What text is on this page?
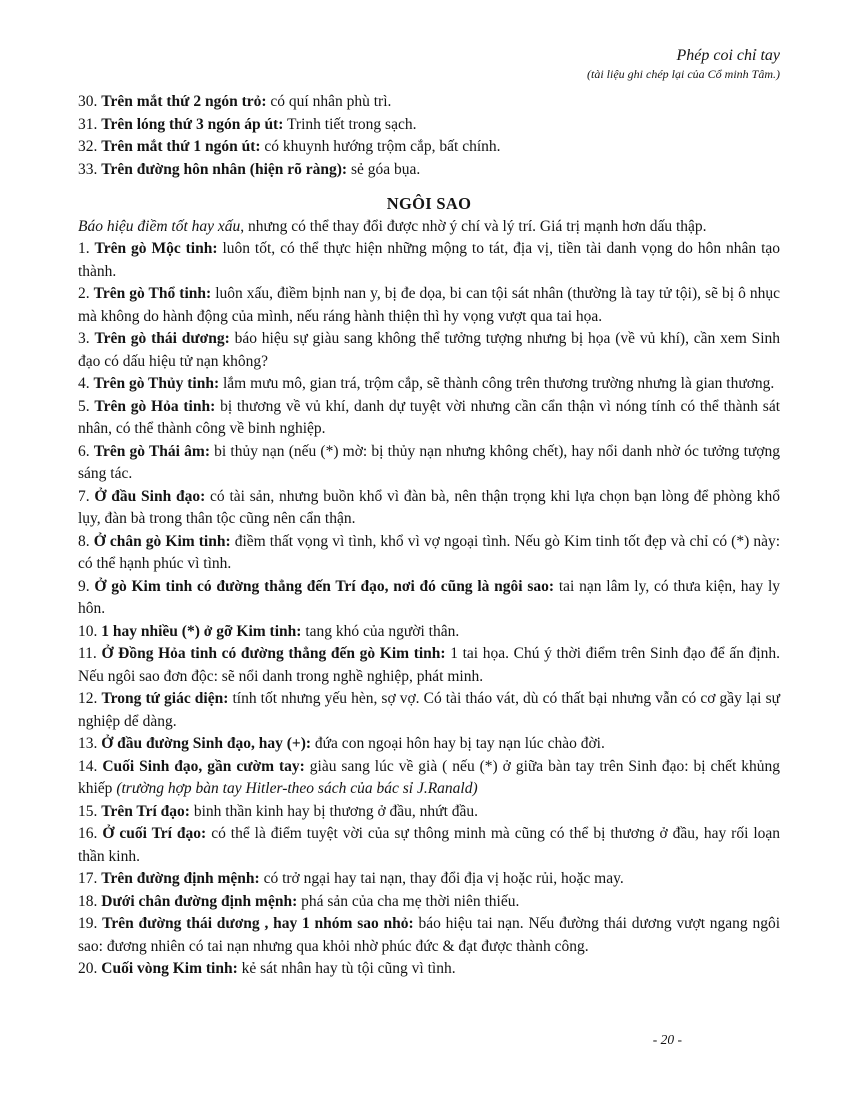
Phép coi chỉ tay
(tài liệu ghi chép lại của Cổ minh Tâm.)

30. Trên mắt thứ 2 ngón trỏ: có quí nhân phù trì.

31. Trên lóng thứ 3 ngón áp út: Trinh tiết trong sạch.

32. Trên mắt thứ 1 ngón út: có khuynh hướng trộm cắp, bất chính.

33. Trên đường hôn nhân (hiện rõ ràng): sẻ góa bụa.

NGÔI SAO

Báo hiệu điềm tốt hay xấu, nhưng có thể thay đổi được nhờ ý chí và lý trí. Giá trị mạnh hơn dấu thập.

1. Trên gò Mộc tinh: luôn tốt, có thể thực hiện những mộng to tát, địa vị, tiền tài danh vọng do hôn nhân tạo thành.

2. Trên gò Thổ tinh: luôn xấu, điềm bịnh nan y, bị đe dọa, bi can tội sát nhân (thường là tay tử tội), sẽ bị ô nhục mà không do hành động của mình, nếu ráng hành thiện thì hy vọng vượt qua tai họa.

3. Trên gò thái dương: báo hiệu sự giàu sang không thể tưởng tượng nhưng bị họa (về vủ khí), cần xem Sinh đạo có dấu hiệu tử nạn không?

4. Trên gò Thủy tinh: lắm mưu mô, gian trá, trộm cắp, sẽ thành công trên thương trường nhưng là gian thương.

5. Trên gò Hỏa tinh: bị thương về vủ khí, danh dự tuyệt vời nhưng cần cẩn thận vì nóng tính có thể thành sát nhân, có thể thành công về binh nghiệp.

6. Trên gò Thái âm: bi thủy nạn (nếu (*) mờ: bị thủy nạn nhưng không chết), hay nổi danh nhờ óc tưởng tượng sáng tác.

7. Ở đầu Sinh đạo: có tài sản, nhưng buồn khổ vì đàn bà, nên thận trọng khi lựa chọn bạn lòng để phòng khổ lụy, đàn bà trong thân tộc cũng nên cẩn thận.

8. Ở chân gò Kim tinh: điềm thất vọng vì tình, khổ vì vợ ngoại tình. Nếu gò Kim tinh tốt đẹp và chỉ có (*) này: có thể hạnh phúc vì tình.

9. Ở gò Kim tinh có đường thẳng đến Trí đạo, nơi đó cũng là ngôi sao: tai nạn lâm ly, có thưa kiện, hay ly hôn.

10. 1 hay nhiều (*) ở gỡ Kim tinh: tang khó của người thân.

11. Ở Đồng Hỏa tinh có đường thẳng đến gò Kim tinh: 1 tai họa. Chú ý thời điểm trên Sinh đạo để ấn định. Nếu ngôi sao đơn độc: sẽ nổi danh trong nghề nghiệp, phát minh.

12. Trong tứ giác diện: tính tốt nhưng yếu hèn, sợ vợ. Có tài tháo vát, dù có thất bại nhưng vẫn có cơ gầy lại sự nghiệp dể dàng.

13. Ở đầu đường Sinh đạo, hay (+): đứa con ngoại hôn hay bị tay nạn lúc chào đời.

14. Cuối Sinh đạo, gần cườm tay: giàu sang lúc về già ( nếu (*) ở giữa bàn tay trên Sinh đạo: bị chết khủng khiếp (trường hợp bàn tay Hitler-theo sách của bác sỉ J.Ranald)

15. Trên Trí đạo: binh thần kinh hay bị thương ở đầu, nhứt đầu.

16. Ở cuối Trí đạo: có thể là điểm tuyệt vời của sự thông minh mà cũng có thể bị thương ở đầu, hay rối loạn thần kinh.

17. Trên đường định mệnh: có trở ngại hay tai nạn, thay đổi địa vị hoặc rủi, hoặc may.

18. Dưới chân đường định mệnh: phá sản của cha mẹ thời niên thiếu.

19. Trên đường thái dương , hay 1 nhóm sao nhỏ: báo hiệu tai nạn. Nếu đường thái dương vượt ngang ngôi sao: đương nhiên có tai nạn nhưng qua khỏi nhờ phúc đức & đạt được thành công.

20. Cuối vòng Kim tinh: kẻ sát nhân hay tù tội cũng vì tình.

- 20 -
